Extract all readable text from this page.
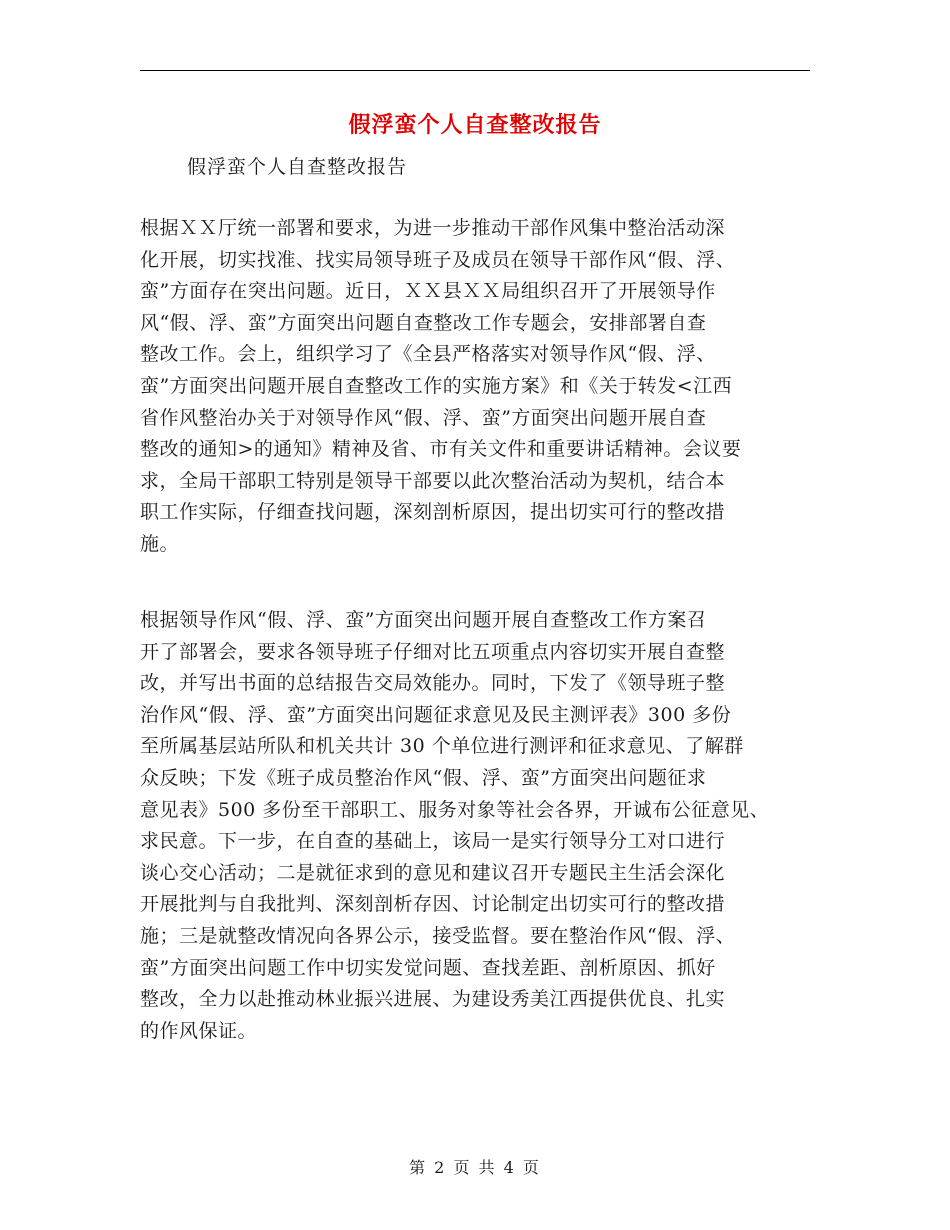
假浮蛮个人自查整改报告
假浮蛮个人自查整改报告
根据ＸＸ厅统一部署和要求，为进一步推动干部作风集中整治活动深
化开展，切实找准、找实局领导班子及成员在领导干部作风“假、浮、
蛮”方面存在突出问题。近日，ＸＸ县ＸＸ局组织召开了开展领导作
风“假、浮、蛮”方面突出问题自查整改工作专题会，安排部署自查
整改工作。会上，组织学习了《全县严格落实对领导作风“假、浮、
蛮”方面突出问题开展自查整改工作的实施方案》和《关于转发<江西
省作风整治办关于对领导作风“假、浮、蛮”方面突出问题开展自查
整改的通知>的通知》精神及省、市有关文件和重要讲话精神。会议要
求，全局干部职工特别是领导干部要以此次整治活动为契机，结合本
职工作实际，仔细查找问题，深刻剖析原因，提出切实可行的整改措
施。
根据领导作风“假、浮、蛮”方面突出问题开展自查整改工作方案召
开了部署会，要求各领导班子仔细对比五项重点内容切实开展自查整
改，并写出书面的总结报告交局效能办。同时，下发了《领导班子整
治作风“假、浮、蛮”方面突出问题征求意见及民主测评表》300 多份
至所属基层站所队和机关共计 30 个单位进行测评和征求意见、了解群
众反映；下发《班子成员整治作风“假、浮、蛮”方面突出问题征求
意见表》500 多份至干部职工、服务对象等社会各界，开诚布公征意见、
求民意。下一步，在自查的基础上，该局一是实行领导分工对口进行
谈心交心活动；二是就征求到的意见和建议召开专题民主生活会深化
开展批判与自我批判、深刻剖析存因、讨论制定出切实可行的整改措
施；三是就整改情况向各界公示，接受监督。要在整治作风“假、浮、
蛮”方面突出问题工作中切实发觉问题、查找差距、剖析原因、抓好
整改，全力以赴推动林业振兴进展、为建设秀美江西提供优良、扎实
的作风保证。
第 2 页 共 4 页
